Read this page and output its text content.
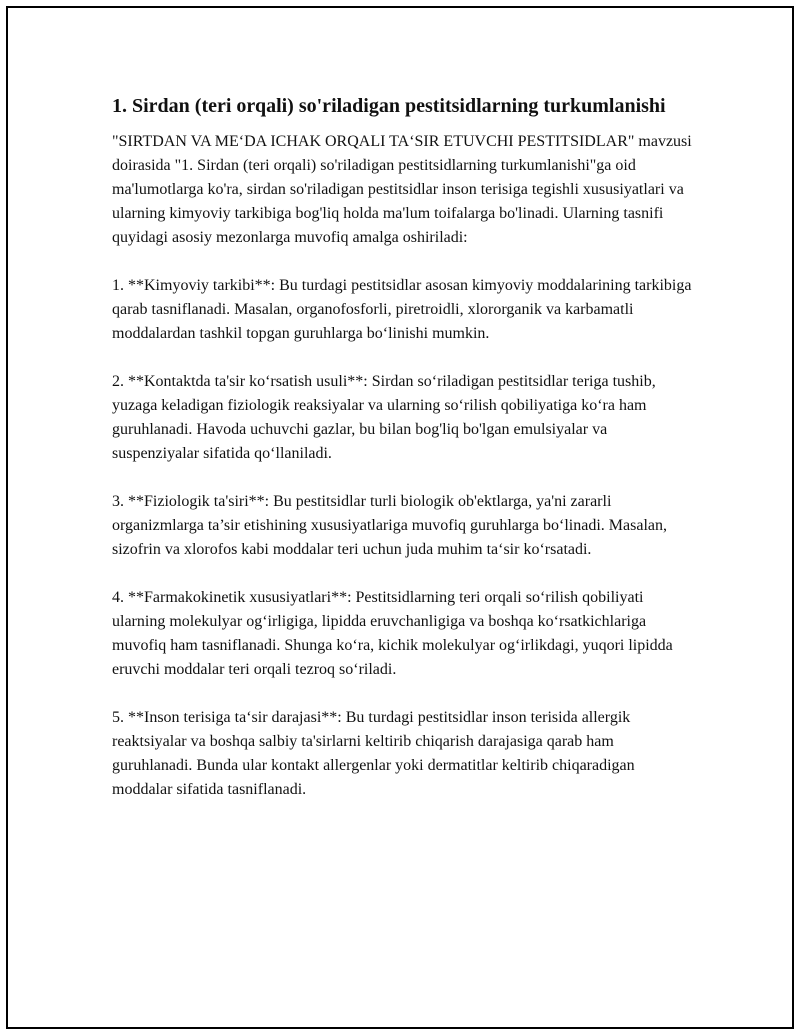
1. Sirdan (teri orqali) so'riladigan pestitsidlarning turkumlanishi

"SIRTDAN VA ME‘DA ICHAK ORQALI TA‘SIR ETUVCHI PESTITSIDLAR" mavzusi doirasida "1. Sirdan (teri orqali) so'riladigan pestitsidlarning turkumlanishi"ga oid ma'lumotlarga ko'ra, sirdan so'riladigan pestitsidlar inson terisiga tegishli xususiyatlari va ularning kimyoviy tarkibiga bog'liq holda ma'lum toifalarga bo'linadi. Ularning tasnifi quyidagi asosiy mezonlarga muvofiq amalga oshiriladi:

1. **Kimyoviy tarkibi**: Bu turdagi pestitsidlar asosan kimyoviy moddalarining tarkibiga qarab tasniflanadi. Masalan, organofosforli, piretroidli, xlororganik va karbamatli moddalardan tashkil topgan guruhlarga bo‘linishi mumkin.

2. **Kontaktda ta'sir ko‘rsatish usuli**: Sirdan so‘riladigan pestitsidlar teriga tushib, yuzaga keladigan fiziologik reaksiyalar va ularning so‘rilish qobiliyatiga ko‘ra ham guruhlanadi. Havoda uchuvchi gazlar, bu bilan bog'liq bo'lgan emulsiyalar va suspenziyalar sifatida qo‘llaniladi.

3. **Fiziologik ta'siri**: Bu pestitsidlar turli biologik ob'ektlarga, ya'ni zararli organizmlarga ta’sir etishining xususiyatlariga muvofiq guruhlarga bo‘linadi. Masalan, sizofrin va xlorofos kabi moddalar teri uchun juda muhim ta‘sir ko‘rsatadi.

4. **Farmakokinetik xususiyatlari**: Pestitsidlarning teri orqali so‘rilish qobiliyati ularning molekulyar og‘irligiga, lipidda eruvchanligiga va boshqa ko‘rsatkichlariga muvofiq ham tasniflanadi. Shunga ko‘ra, kichik molekulyar og‘irlikdagi, yuqori lipidda eruvchi moddalar teri orqali tezroq so‘riladi.

5. **Inson terisiga ta‘sir darajasi**: Bu turdagi pestitsidlar inson terisida allergik reaktsiyalar va boshqa salbiy ta'sirlarni keltirib chiqarish darajasiga qarab ham guruhlanadi. Bunda ular kontakt allergenlar yoki dermatitlar keltirib chiqaradigan moddalar sifatida tasniflanadi.
